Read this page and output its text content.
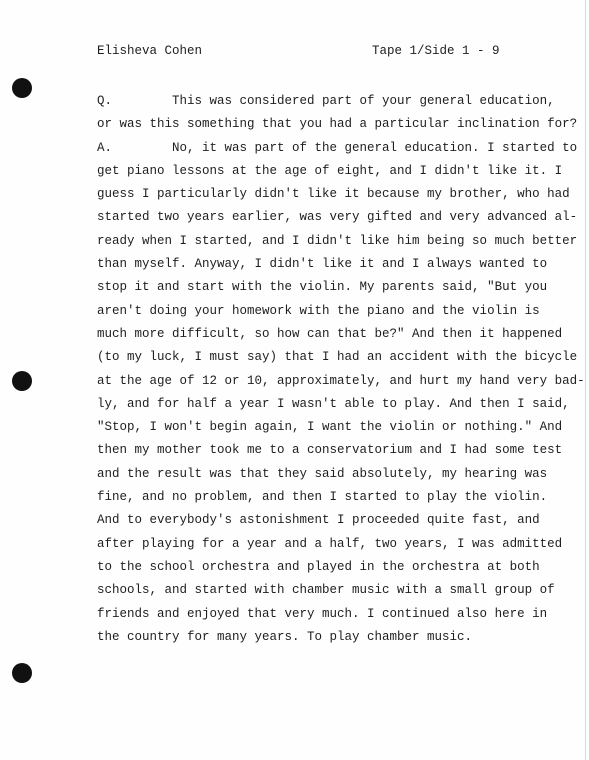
Elisheva Cohen	Tape 1/Side 1 - 9
Q.        This was considered part of your general education,
or was this something that you had a particular inclination for?
A.        No, it was part of the general education. I started to
get piano lessons at the age of eight, and I didn't like it. I
guess I particularly didn't like it because my brother, who had
started two years earlier, was very gifted and very advanced al-
ready when I started, and I didn't like him being so much better
than myself. Anyway, I didn't like it and I always wanted to
stop it and start with the violin. My parents said, "But you
aren't doing your homework with the piano and the violin is
much more difficult, so how can that be?" And then it happened
(to my luck, I must say) that I had an accident with the bicycle
at the age of 12 or 10, approximately, and hurt my hand very bad-
ly, and for half a year I wasn't able to play. And then I said,
"Stop, I won't begin again, I want the violin or nothing." And
then my mother took me to a conservatorium and I had some test
and the result was that they said absolutely, my hearing was
fine, and no problem, and then I started to play the violin.
And to everybody's astonishment I proceeded quite fast, and
after playing for a year and a half, two years, I was admitted
to the school orchestra and played in the orchestra at both
schools, and started with chamber music with a small group of
friends and enjoyed that very much. I continued also here in
the country for many years. To play chamber music.
